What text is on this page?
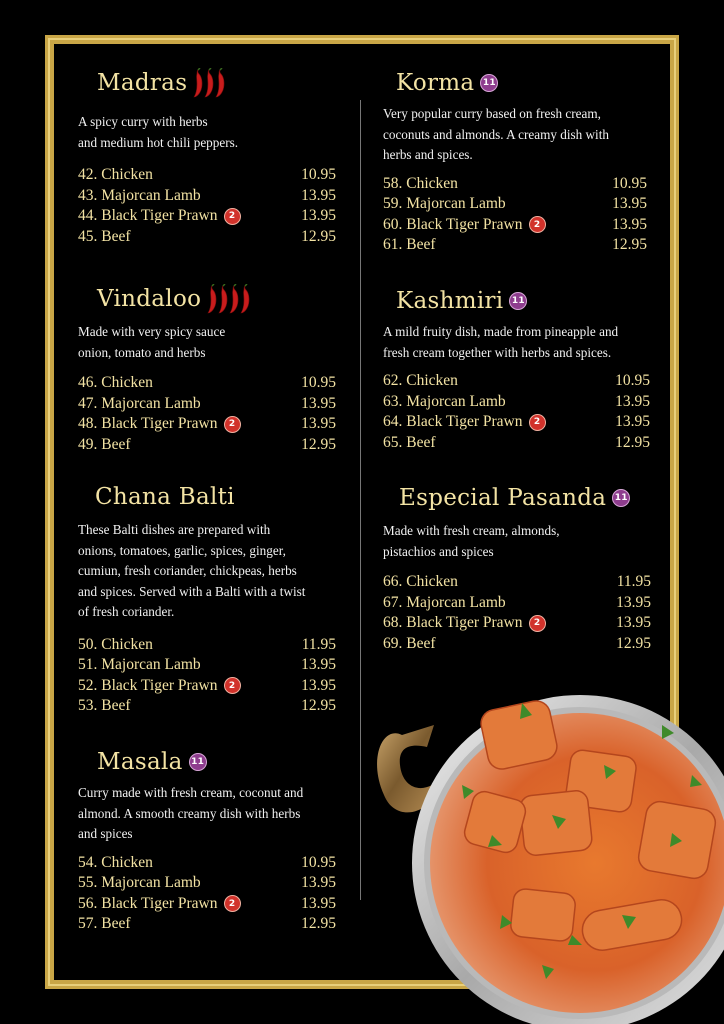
Madras
A spicy curry with herbs
and medium hot chili peppers.
42. Chicken	10.95
43. Majorcan Lamb	13.95
44. Black Tiger Prawn	2	13.95
45. Beef	12.95
Vindaloo
Made with very spicy sauce
onion, tomato and herbs
46. Chicken	10.95
47. Majorcan Lamb	13.95
48. Black Tiger Prawn	2	13.95
49. Beef	12.95
Chana Balti
These Balti dishes are prepared with
onions, tomatoes, garlic, spices, ginger,
cumiun, fresh coriander, chickpeas, herbs
and spices. Served with a Balti with a twist
of fresh coriander.
50. Chicken	11.95
51. Majorcan Lamb	13.95
52. Black Tiger Prawn	2	13.95
53. Beef	12.95
Masala 11
Curry made with fresh cream, coconut and
almond. A smooth creamy dish with herbs
and spices
54. Chicken	10.95
55. Majorcan Lamb	13.95
56. Black Tiger Prawn	2	13.95
57. Beef	12.95
Korma 11
Very popular curry based on fresh cream,
coconuts and almonds. A creamy dish with
herbs and spices.
58. Chicken	10.95
59. Majorcan Lamb	13.95
60. Black Tiger Prawn	2	13.95
61. Beef	12.95
Kashmiri 11
A mild fruity dish, made from pineapple and
fresh cream together with herbs and spices.
62. Chicken	10.95
63. Majorcan Lamb	13.95
64. Black Tiger Prawn	2	13.95
65. Beef	12.95
Especial Pasanda 11
Made with fresh cream, almonds,
pistachios and spices
66. Chicken	11.95
67. Majorcan Lamb	13.95
68. Black Tiger Prawn	2	13.95
69. Beef	12.95
